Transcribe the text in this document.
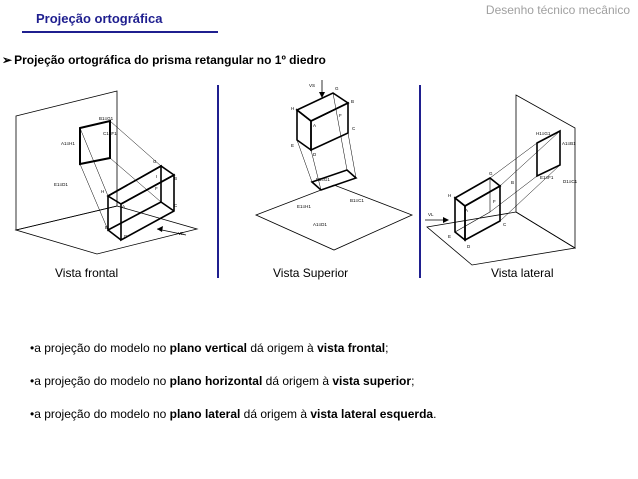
Projeção ortográfica
Desenho técnico mecânico
➢ Projeção ortográfica do prisma retangular no 1º diedro
B1≡G1
A1≡H1
C1≡F1
E1≡D1
G
H
A
B
E
D
C
F
I
VF
VS
G
H
B
A
F
C
E
D
F1≡G1
E1≡H1
B1≡C1
A1≡D1
H1≡G1
A1≡B1
E1≡F1
D1≡C1
G
H
F
A
B
E
D
C
VL
Vista frontal	Vista Superior	Vista lateral
•a projeção do modelo no plano vertical dá origem à vista frontal;
•a projeção do modelo no plano horizontal dá origem à vista superior;
•a projeção do modelo no plano lateral dá origem à vista lateral esquerda.
